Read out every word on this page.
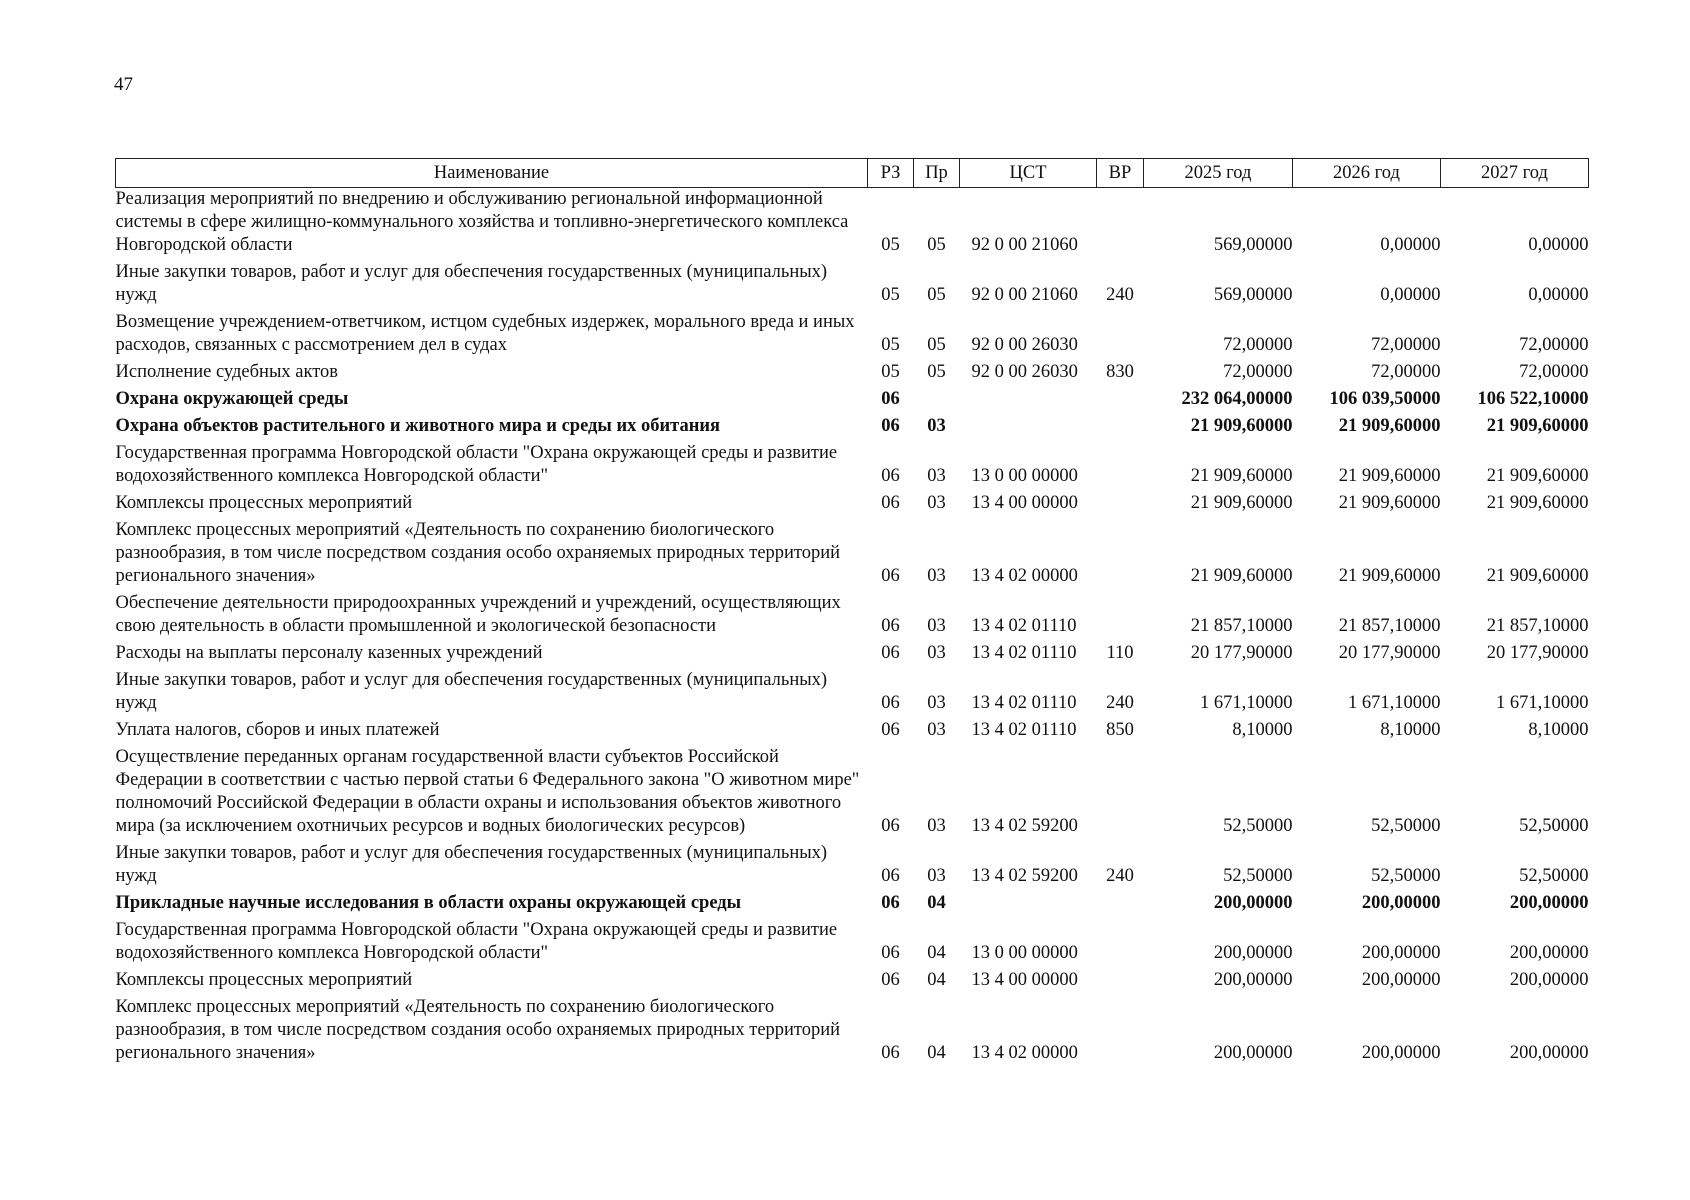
47
Наименование	РЗ	Пр	ЦСТ	ВР	2025 год	2026 год	2027 год
Реализация мероприятий по внедрению и обслуживанию региональной информационной системы в сфере жилищно-коммунального хозяйства и топливно-энергетического комплекса Новгородской области	05	05	92 0 00 21060		569,00000	0,00000	0,00000
Иные закупки товаров, работ и услуг для обеспечения государственных (муниципальных) нужд	05	05	92 0 00 21060	240	569,00000	0,00000	0,00000
Возмещение учреждением-ответчиком, истцом судебных издержек, морального вреда и иных расходов, связанных с рассмотрением дел в судах	05	05	92 0 00 26030		72,00000	72,00000	72,00000
Исполнение судебных актов	05	05	92 0 00 26030	830	72,00000	72,00000	72,00000
Охрана окружающей среды	06				232 064,00000	106 039,50000	106 522,10000
Охрана объектов растительного и животного мира и среды их обитания	06	03			21 909,60000	21 909,60000	21 909,60000
Государственная программа Новгородской области "Охрана окружающей среды и развитие водохозяйственного комплекса Новгородской области"	06	03	13 0 00 00000		21 909,60000	21 909,60000	21 909,60000
Комплексы процессных мероприятий	06	03	13 4 00 00000		21 909,60000	21 909,60000	21 909,60000
Комплекс процессных мероприятий «Деятельность по сохранению биологического разнообразия, в том числе посредством создания особо охраняемых природных территорий регионального значения»	06	03	13 4 02 00000		21 909,60000	21 909,60000	21 909,60000
Обеспечение деятельности природоохранных учреждений и учреждений, осуществляющих свою деятельность в области промышленной и экологической безопасности	06	03	13 4 02 01110		21 857,10000	21 857,10000	21 857,10000
Расходы на выплаты персоналу казенных учреждений	06	03	13 4 02 01110	110	20 177,90000	20 177,90000	20 177,90000
Иные закупки товаров, работ и услуг для обеспечения государственных (муниципальных) нужд	06	03	13 4 02 01110	240	1 671,10000	1 671,10000	1 671,10000
Уплата налогов, сборов и иных платежей	06	03	13 4 02 01110	850	8,10000	8,10000	8,10000
Осуществление переданных органам государственной власти субъектов Российской Федерации в соответствии с частью первой статьи 6 Федерального закона "О животном мире" полномочий Российской Федерации в области охраны и использования объектов животного мира (за исключением охотничьих ресурсов и водных биологических ресурсов)	06	03	13 4 02 59200		52,50000	52,50000	52,50000
Иные закупки товаров, работ и услуг для обеспечения государственных (муниципальных) нужд	06	03	13 4 02 59200	240	52,50000	52,50000	52,50000
Прикладные научные исследования в области охраны окружающей среды	06	04			200,00000	200,00000	200,00000
Государственная программа Новгородской области "Охрана окружающей среды и развитие водохозяйственного комплекса Новгородской области"	06	04	13 0 00 00000		200,00000	200,00000	200,00000
Комплексы процессных мероприятий	06	04	13 4 00 00000		200,00000	200,00000	200,00000
Комплекс процессных мероприятий «Деятельность по сохранению биологического разнообразия, в том числе посредством создания особо охраняемых природных территорий регионального значения»	06	04	13 4 02 00000		200,00000	200,00000	200,00000
